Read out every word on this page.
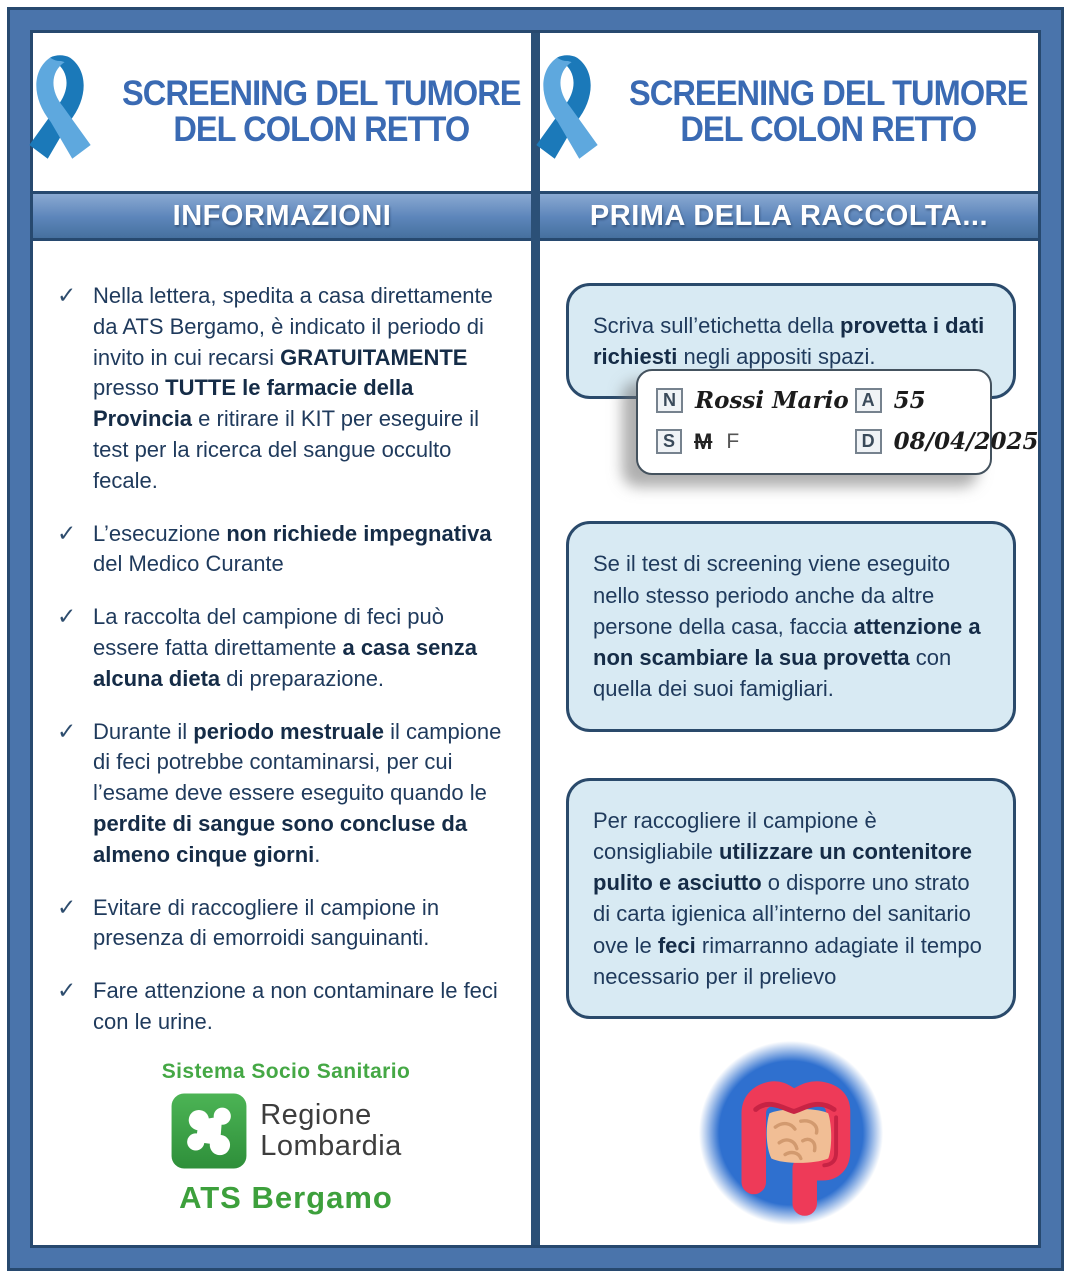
SCREENING DEL TUMORE
DEL COLON RETTO
INFORMAZIONI
✓ Nella lettera, spedita a casa direttamente da ATS Bergamo, è indicato il periodo di invito in cui recarsi GRATUITAMENTE presso TUTTE le farmacie della Provincia e ritirare il KIT per eseguire il test per la ricerca del sangue occulto fecale.
✓ L’esecuzione non richiede impegnativa del Medico Curante
✓ La raccolta del campione di feci può essere fatta direttamente a casa senza alcuna dieta di preparazione.
✓ Durante il periodo mestruale il campione di feci potrebbe contaminarsi, per cui l’esame deve essere eseguito quando le perdite di sangue sono concluse da almeno cinque giorni.
✓ Evitare di raccogliere il campione in presenza di emorroidi sanguinanti.
✓ Fare attenzione a non contaminare le feci con le urine.
Sistema Socio Sanitario
Regione
Lombardia
ATS Bergamo
SCREENING DEL TUMORE
DEL COLON RETTO
PRIMA DELLA RACCOLTA...
Scriva sull’etichetta della provetta i dati richiesti negli appositi spazi.
N Rossi Mario A 55
S M F	D 08/04/2025
Se il test di screening viene eseguito nello stesso periodo anche da altre persone della casa, faccia attenzione a non scambiare la sua provetta con quella dei suoi famigliari.
Per raccogliere il campione è consigliabile utilizzare un contenitore pulito e asciutto o disporre uno strato di carta igienica all’interno del sanitario ove le feci rimarranno adagiate il tempo necessario per il prelievo
